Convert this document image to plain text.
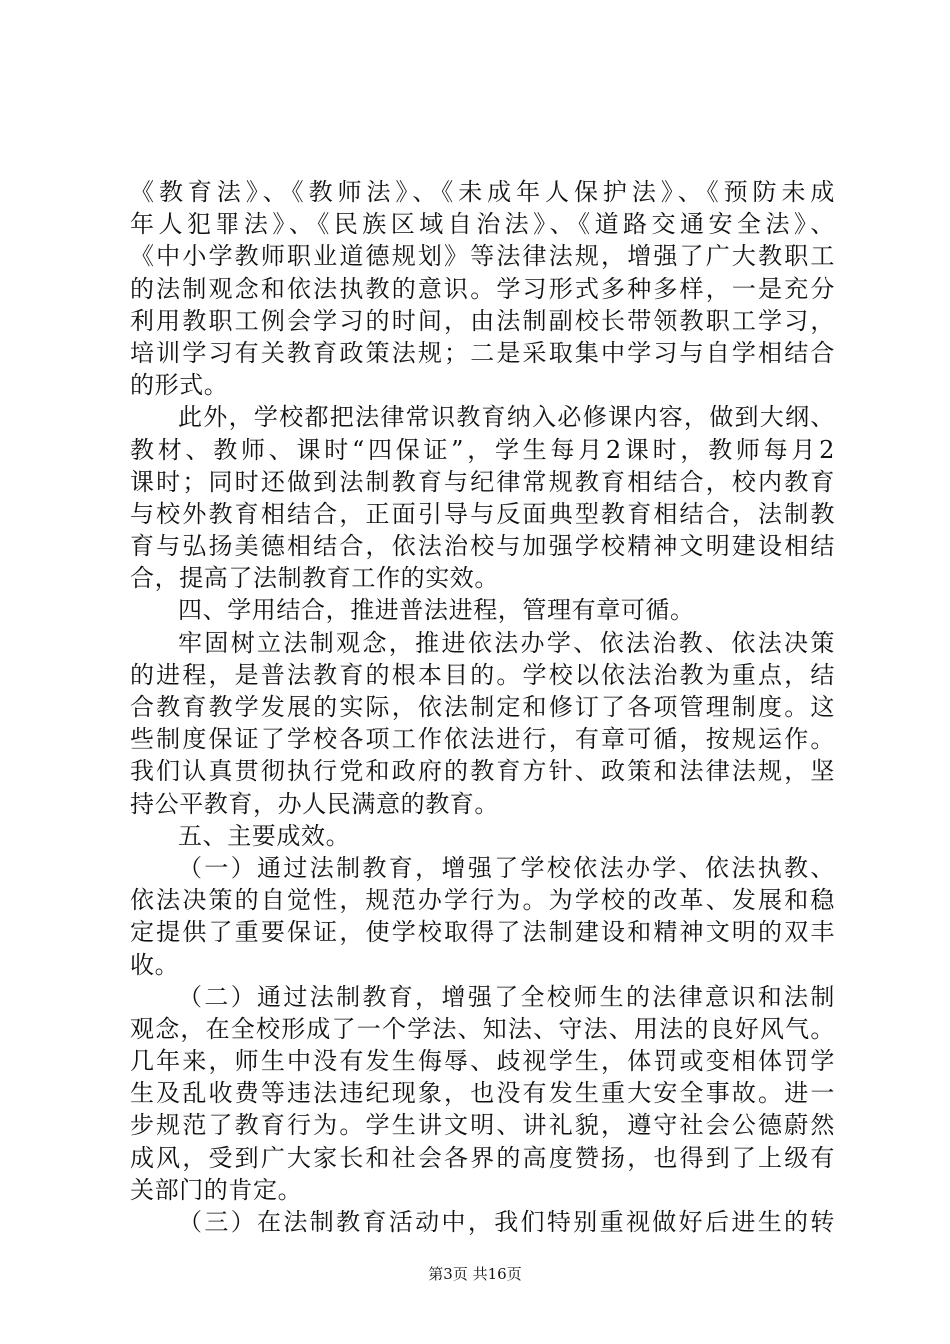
《教育法》、《教师法》、《未成年人保护法》、《预防未成
年人犯罪法》、《民族区域自治法》、《道路交通安全法》、
《中小学教师职业道德规划》等法律法规，增强了广大教职工
的法制观念和依法执教的意识。学习形式多种多样，一是充分
利用教职工例会学习的时间，由法制副校长带领教职工学习，
培训学习有关教育政策法规；二是采取集中学习与自学相结合
的形式。
此外，学校都把法律常识教育纳入必修课内容，做到大纲、
教材、教师、课时“四保证”，学生每月2课时，教师每月2
课时；同时还做到法制教育与纪律常规教育相结合，校内教育
与校外教育相结合，正面引导与反面典型教育相结合，法制教
育与弘扬美德相结合，依法治校与加强学校精神文明建设相结
合，提高了法制教育工作的实效。
四、学用结合，推进普法进程，管理有章可循。
牢固树立法制观念，推进依法办学、依法治教、依法决策
的进程，是普法教育的根本目的。学校以依法治教为重点，结
合教育教学发展的实际，依法制定和修订了各项管理制度。这
些制度保证了学校各项工作依法进行，有章可循，按规运作。
我们认真贯彻执行党和政府的教育方针、政策和法律法规，坚
持公平教育，办人民满意的教育。
五、主要成效。
（一）通过法制教育，增强了学校依法办学、依法执教、
依法决策的自觉性，规范办学行为。为学校的改革、发展和稳
定提供了重要保证，使学校取得了法制建设和精神文明的双丰
收。
（二）通过法制教育，增强了全校师生的法律意识和法制
观念，在全校形成了一个学法、知法、守法、用法的良好风气。
几年来，师生中没有发生侮辱、歧视学生，体罚或变相体罚学
生及乱收费等违法违纪现象，也没有发生重大安全事故。进一
步规范了教育行为。学生讲文明、讲礼貌，遵守社会公德蔚然
成风，受到广大家长和社会各界的高度赞扬，也得到了上级有
关部门的肯定。
（三）在法制教育活动中，我们特别重视做好后进生的转
第3页 共16页
